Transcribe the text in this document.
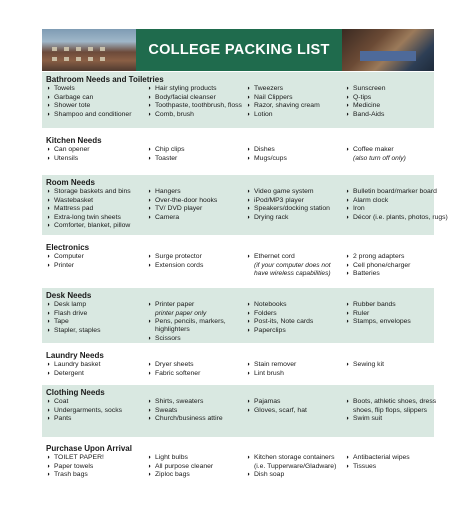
COLLEGE PACKING LIST
Bathroom Needs and Toiletries
◑
Towels
◑
Garbage can
◑
Shower tote
◑
Shampoo and conditioner
◑
Hair styling products
◑
Body/facial cleanser
◑
Toothpaste, toothbrush, floss
◑
Comb, brush
◑
Tweezers
◑
Nail Clippers
◑
Razor, shaving cream
◑
Lotion
◑
Sunscreen
◑
Q-tips
◑
Medicine
◑
Band-Aids
Kitchen Needs
◑
Can opener
◑
Utensils
◑
Chip clips
◑
Toaster
◑
Dishes
◑
Mugs/cups
◑
Coffee maker
(also turn off only)
Room Needs
◑
Storage baskets and bins
◑
Wastebasket
◑
Mattress pad
◑
Extra-long twin sheets
◑
Comforter, blanket, pillow
◑
Hangers
◑
Over-the-door hooks
◑
TV/ DVD player
◑
Camera
◑
Video game system
◑
iPod/MP3 player
◑
Speakers/docking station
◑
Drying rack
◑
Bulletin board/marker board
◑
Alarm clock
◑
Iron
◑
Décor (i.e. plants, photos, rugs)
Electronics
◑
Computer
◑
Printer
◑
Surge protector
◑
Extension cords
◑
Ethernet cord
(if your computer does not
have wireless capabilities)
◑
2 prong adapters
◑
Cell phone/charger
◑
Batteries
Desk Needs
◑
Desk lamp
◑
Flash drive
◑
Tape
◑
Stapler, staples
◑
Printer paper
printer paper only
◑
Pens, pencils, markers,
highlighters
◑
Scissors
◑
Notebooks
◑
Folders
◑
Post-its, Note cards
◑
Paperclips
◑
Rubber bands
◑
Ruler
◑
Stamps, envelopes
Laundry Needs
◑
Laundry basket
◑
Detergent
◑
Dryer sheets
◑
Fabric softener
◑
Stain remover
◑
Lint brush
◑
Sewing kit
Clothing Needs
◑
Coat
◑
Undergarments, socks
◑
Pants
◑
Shirts, sweaters
◑
Sweats
◑
Church/business attire
◑
Pajamas
◑
Gloves, scarf, hat
◑
Boots, athletic shoes, dress
shoes, flip flops, slippers
◑
Swim suit
Purchase Upon Arrival
◑
TOILET PAPER!
◑
Paper towels
◑
Trash bags
◑
Light bulbs
◑
All purpose cleaner
◑
Ziploc bags
◑
Kitchen storage containers
(i.e. Tupperware/Gladware)
◑
Dish soap
◑
Antibacterial wipes
◑
Tissues
